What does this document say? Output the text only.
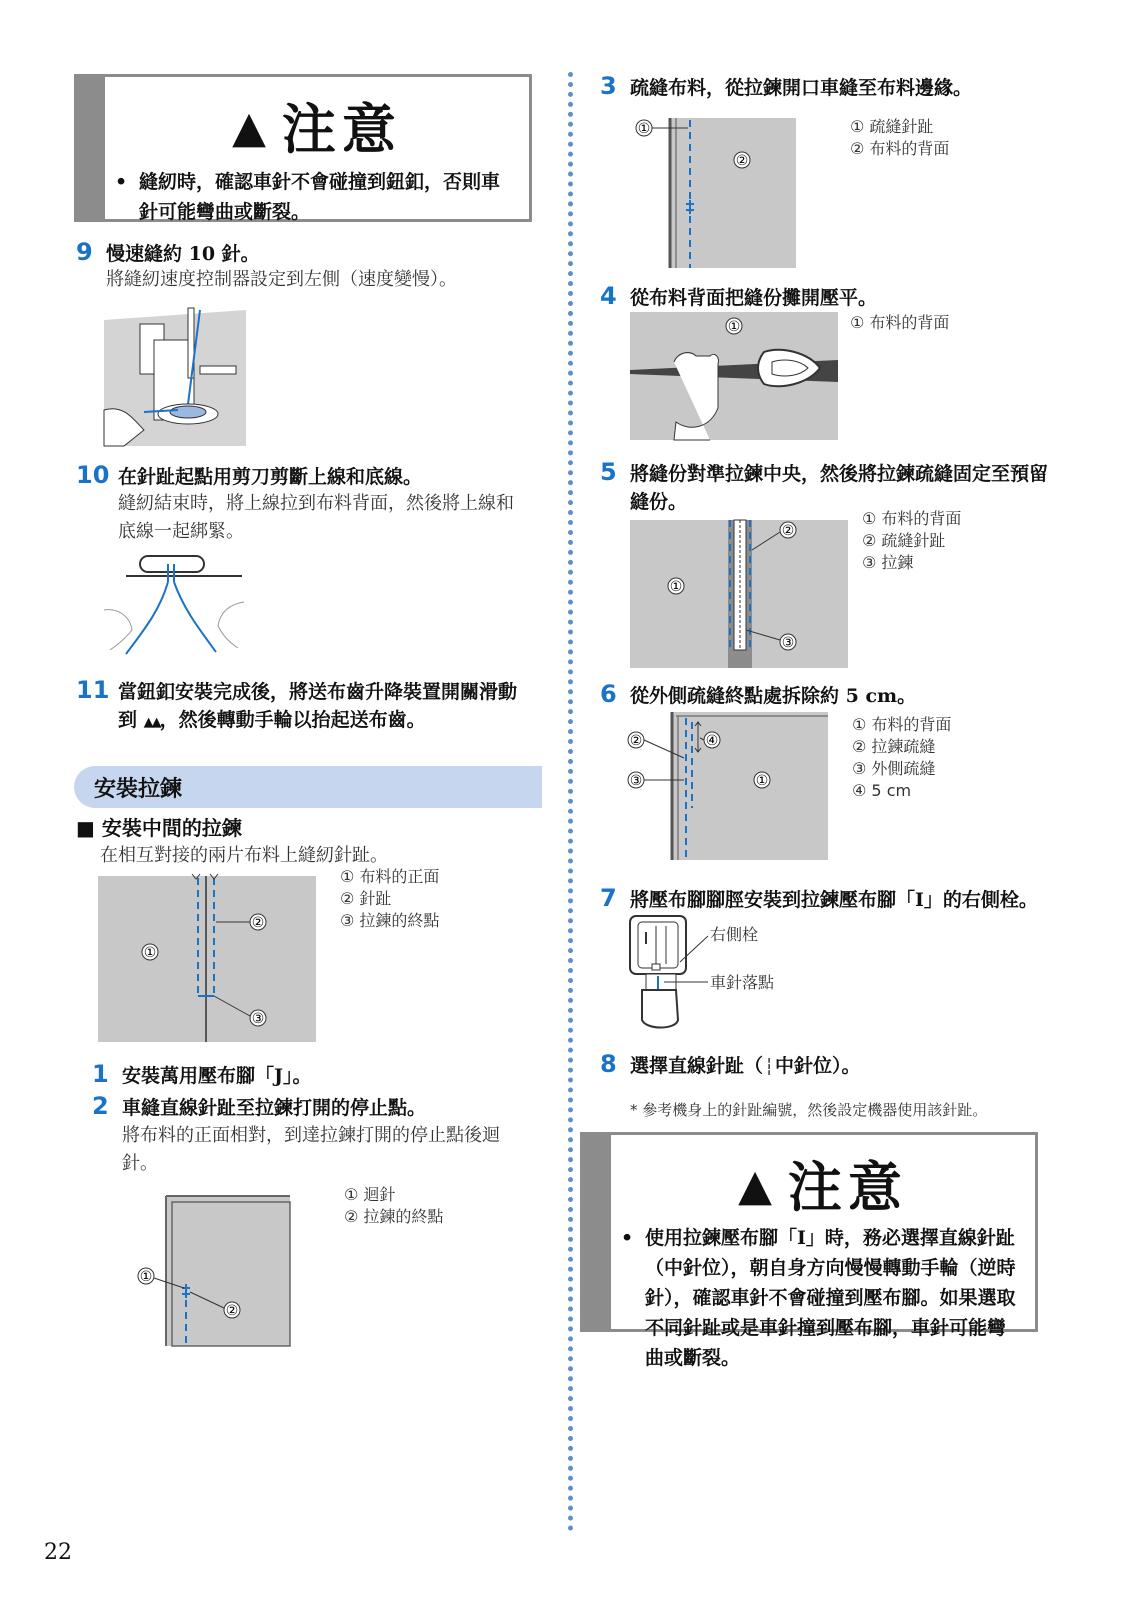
▲ 注意
• 縫紉時，確認車針不會碰撞到鈕釦，否則車針可能彎曲或斷裂。
9 慢速縫約 10 針。
將縫紉速度控制器設定到左側（速度變慢）。
10 在針趾起點用剪刀剪斷上線和底線。
縫紉結束時，將上線拉到布料背面，然後將上線和底線一起綁緊。
11 當鈕釦安裝完成後，將送布齒升降裝置開關滑動
到 ▲▲，然後轉動手輪以抬起送布齒。
安裝拉鍊
■ 安裝中間的拉鍊
在相互對接的兩片布料上縫紉針趾。
②
③
①
① 布料的正面
② 針趾
③ 拉鍊的終點
1 安裝萬用壓布腳「J」。
2 車縫直線針趾至拉鍊打開的停止點。
將布料的正面相對，到達拉鍊打開的停止點後迴針。
①
②
① 迴針
② 拉鍊的終點
22
3 疏縫布料，從拉鍊開口車縫至布料邊緣。
①
②
① 疏縫針趾
② 布料的背面
4 從布料背面把縫份攤開壓平。
①	① 布料的背面
5 將縫份對準拉鍊中央，然後將拉鍊疏縫固定至預留縫份。
②
③
①
① 布料的背面
② 疏縫針趾
③ 拉鍊
6 從外側疏縫終點處拆除約 5 cm。
④
②
③	①
① 布料的背面
② 拉鍊疏縫
③ 外側疏縫
④ 5 cm
7 將壓布腳腳脛安裝到拉鍊壓布腳「I」的右側栓。
右側栓
車針落點
8 選擇直線針趾（┆中針位）。
* 參考機身上的針趾編號，然後設定機器使用該針趾。
▲ 注意
• 使用拉鍊壓布腳「I」時，務必選擇直線針趾（中針位），朝自身方向慢慢轉動手輪（逆時針），確認車針不會碰撞到壓布腳。如果選取不同針趾或是車針撞到壓布腳，車針可能彎曲或斷裂。
